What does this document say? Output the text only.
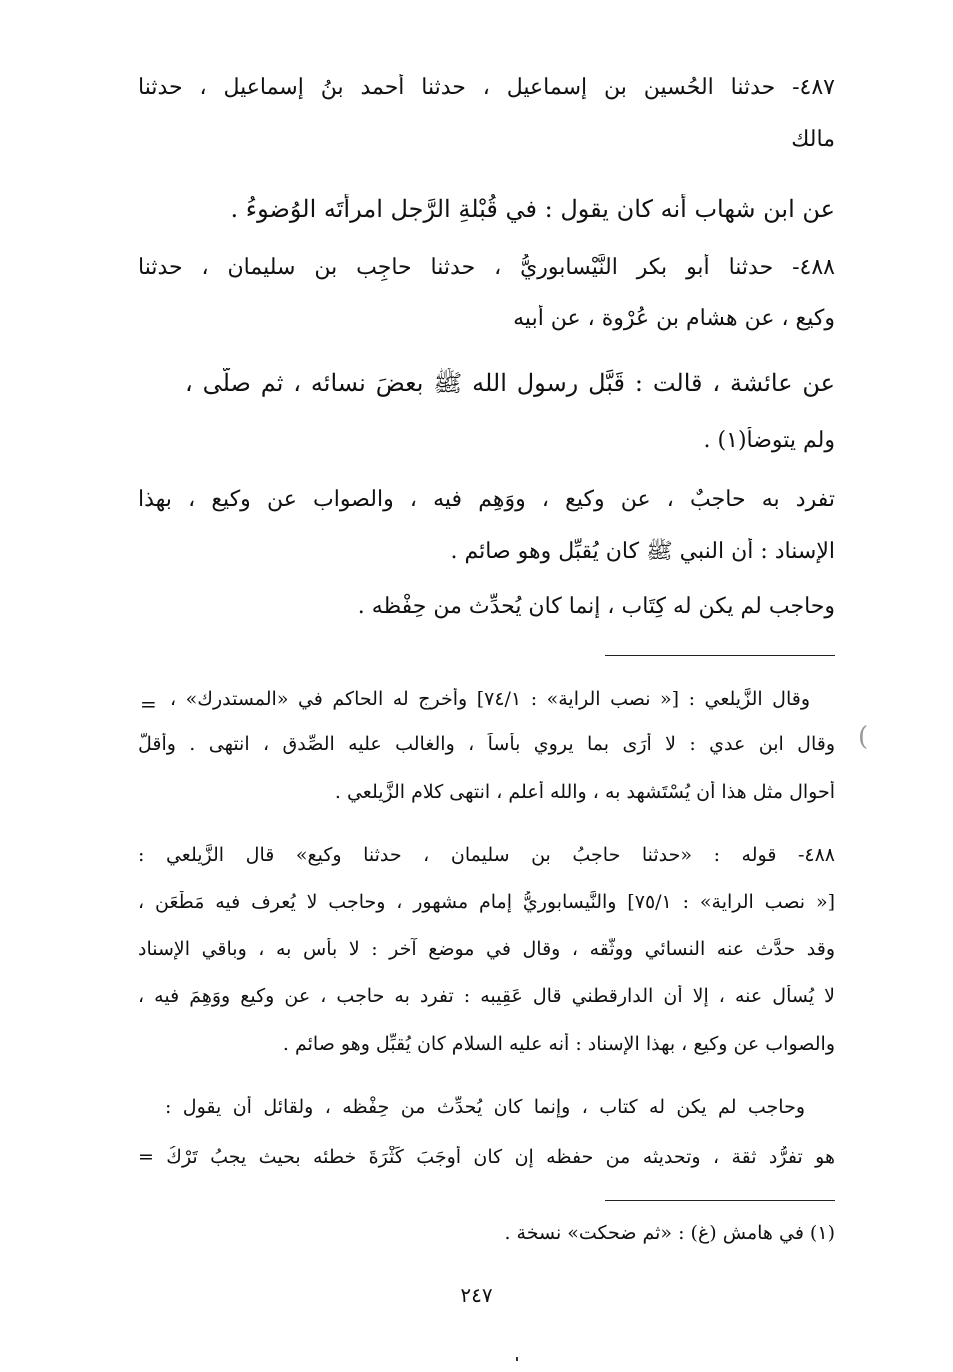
٤٨٧- حدثنا الحُسين بن إسماعيل ، حدثنا أحمد بنُ إسماعيل ، حدثنا
مالك
عن ابن شهاب أنه كان يقول : في قُبْلةِ الرَّجل امرأتَه الوُضوءُ .
٤٨٨- حدثنا أبو بكر النَّيْسابوريُّ ، حدثنا حاجِب بن سليمان ، حدثنا
وكيع ، عن هشام بن عُرْوة ، عن أبيه
عن عائشة ، قالت : قَبَّل رسول الله ﷺ بعضَ نسائه ، ثم صلَّى ،
ولم يتوضأ(١) .
تفرد به حاجبٌ ، عن وكيع ، ووَهِم فيه ، والصواب عن وكيع ، بهذا
الإسناد : أن النبي ﷺ كان يُقبِّل وهو صائم .
وحاجب لم يكن له كِتَاب ، إنما كان يُحدِّث من حِفْظه .
=
(
وقال الزَّيلعي : [« نصب الراية» : ٧٤/١] وأخرج له الحاكم في «المستدرك» ،
وقال ابن عدي : لا أرَى بما يروي بأساً ، والغالب عليه الصِّدق ، انتهى . وأقلُّ
أحوال مثل هذا أن يُسْتَشهد به ، والله أعلم ، انتهى كلام الزَّيلعي .
٤٨٨- قوله : «حدثنا حاجبُ بن سليمان ، حدثنا وكيع» قال الزَّيلعي :
[« نصب الراية» : ٧٥/١] والنَّيسابوريُّ إمام مشهور ، وحاجب لا يُعرف فيه مَطْعَن ،
وقد حدَّث عنه النسائي ووثَّقه ، وقال في موضع آخر : لا بأس به ، وباقي الإسناد
لا يُسأل عنه ، إلا أن الدارقطني قال عَقِيبه : تفرد به حاجب ، عن وكيع ووَهِمَ فيه ،
والصواب عن وكيع ، بهذا الإسناد : أنه عليه السلام كان يُقبِّل وهو صائم .
وحاجب لم يكن له كتاب ، وإنما كان يُحدِّث من حِفْظه ، ولقائل أن يقول :
هو تفرُّد ثقة ، وتحديثه من حفظه إن كان أوجَبَ كَثْرَةَ خطئه بحيث يجبُ تَرْكُ =
(١) في هامش (غ) : «ثم ضحكت» نسخة .
٢٤٧
